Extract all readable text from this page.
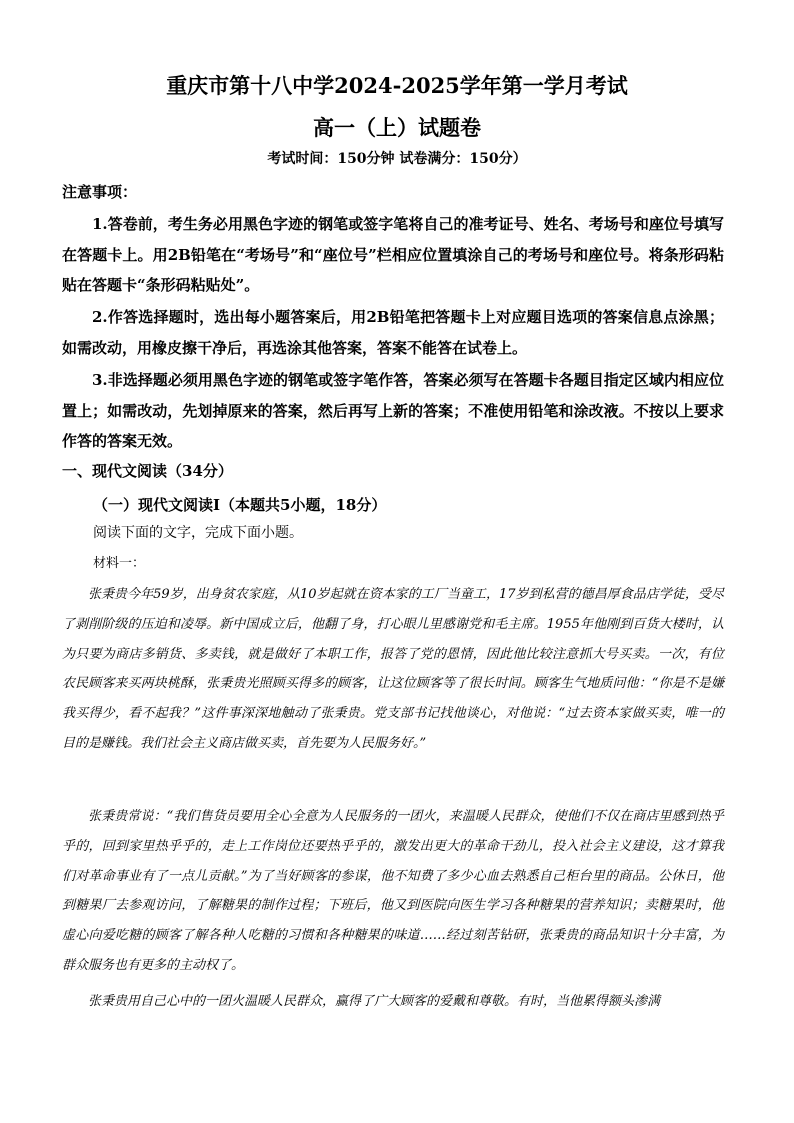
重庆市第十八中学2024-2025学年第一学月考试
高一（上）试题卷
考试时间：150分钟 试卷满分：150分）
注意事项：

1.答卷前，考生务必用黑色字迹的钢笔或签字笔将自己的准考证号、姓名、考场号和座位号填写在答题卡上。用2B铅笔在“考场号”和“座位号”栏相应位置填涂自己的考场号和座位号。将条形码粘贴在答题卡“条形码粘贴处”。

2.作答选择题时，选出每小题答案后，用2B铅笔把答题卡上对应题目选项的答案信息点涂黑；如需改动，用橡皮擦干净后，再选涂其他答案，答案不能答在试卷上。

3.非选择题必须用黑色字迹的钢笔或签字笔作答，答案必须写在答题卡各题目指定区域内相应位置上；如需改动，先划掉原来的答案，然后再写上新的答案；不准使用铅笔和涂改液。不按以上要求作答的答案无效。

一、现代文阅读（34分）
（一）现代文阅读Ⅰ（本题共5小题，18分）
阅读下面的文字，完成下面小题。
材料一：

张秉贵今年59岁，出身贫农家庭，从10岁起就在资本家的工厂当童工，17岁到私营的德昌厚食品店学徒，受尽了剥削阶级的压迫和凌辱。新中国成立后，他翻了身，打心眼儿里感谢党和毛主席。1955年他刚到百货大楼时，认为只要为商店多销货、多卖钱，就是做好了本职工作，报答了党的恩情，因此他比较注意抓大号买卖。一次，有位农民顾客来买两块桃酥，张秉贵光照顾买得多的顾客，让这位顾客等了很长时间。顾客生气地质问他：“你是不是嫌我买得少，看不起我？”这件事深深地触动了张秉贵。党支部书记找他谈心，对他说：“过去资本家做买卖，唯一的目的是赚钱。我们社会主义商店做买卖，首先要为人民服务好。”

张秉贵常说：“我们售货员要用全心全意为人民服务的一团火，来温暖人民群众，使他们不仅在商店里感到热乎乎的，回到家里热乎乎的，走上工作岗位还要热乎乎的，激发出更大的革命干劲儿，投入社会主义建设，这才算我们对革命事业有了一点儿贡献。”为了当好顾客的参谋，他不知费了多少心血去熟悉自己柜台里的商品。公休日，他到糖果厂去参观访问，了解糖果的制作过程；下班后，他又到医院向医生学习各种糖果的营养知识；卖糖果时，他虚心向爱吃糖的顾客了解各种人吃糖的习惯和各种糖果的味道……经过刻苦钻研，张秉贵的商品知识十分丰富，为群众服务也有更多的主动权了。

张秉贵用自己心中的一团火温暖人民群众，赢得了广大顾客的爱戴和尊敬。有时，当他累得额头渗满
